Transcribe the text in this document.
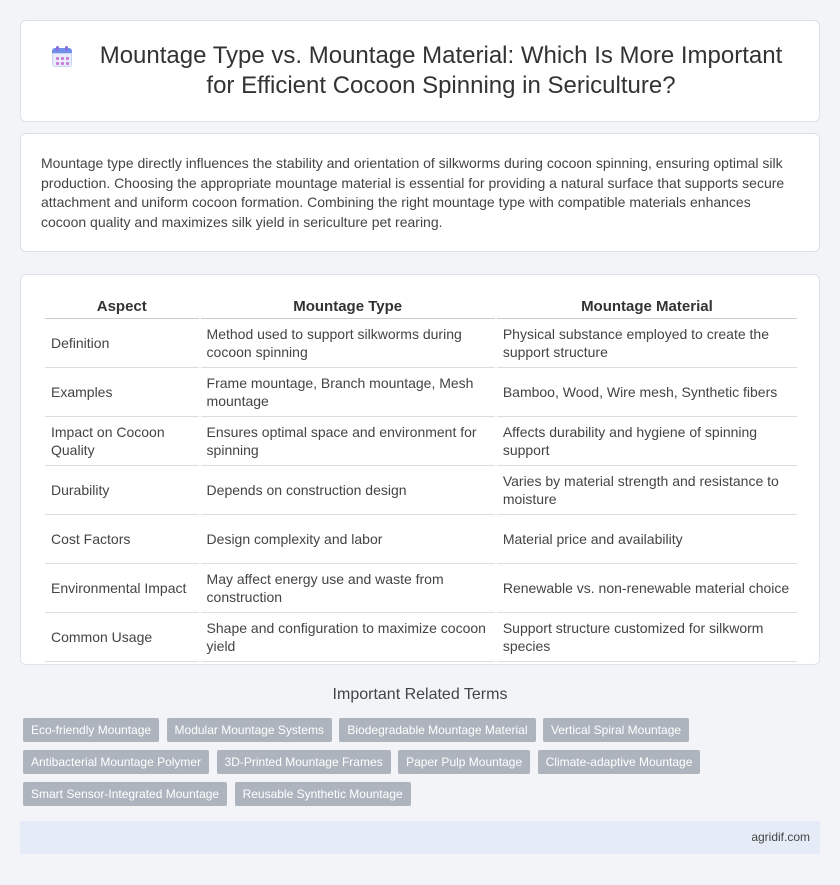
Mountage Type vs. Mountage Material: Which Is More Important for Efficient Cocoon Spinning in Sericulture?

Mountage type directly influences the stability and orientation of silkworms during cocoon spinning, ensuring optimal silk production. Choosing the appropriate mountage material is essential for providing a natural surface that supports secure attachment and uniform cocoon formation. Combining the right mountage type with compatible materials enhances cocoon quality and maximizes silk yield in sericulture pet rearing.

Aspect	Mountage Type	Mountage Material
Definition	Method used to support silkworms during cocoon spinning	Physical substance employed to create the support structure
Examples	Frame mountage, Branch mountage, Mesh mountage	Bamboo, Wood, Wire mesh, Synthetic fibers
Impact on Cocoon Quality	Ensures optimal space and environment for spinning	Affects durability and hygiene of spinning support
Durability	Depends on construction design	Varies by material strength and resistance to moisture
Cost Factors	Design complexity and labor	Material price and availability
Environmental Impact	May affect energy use and waste from construction	Renewable vs. non-renewable material choice
Common Usage	Shape and configuration to maximize cocoon yield	Support structure customized for silkworm species
Important Related Terms
Eco-friendly Mountage Modular Mountage Systems Biodegradable Mountage Material Vertical Spiral Mountage Antibacterial Mountage Polymer 3D-Printed Mountage Frames Paper Pulp Mountage Climate-adaptive Mountage Smart Sensor-Integrated Mountage Reusable Synthetic Mountage
agridif.com
